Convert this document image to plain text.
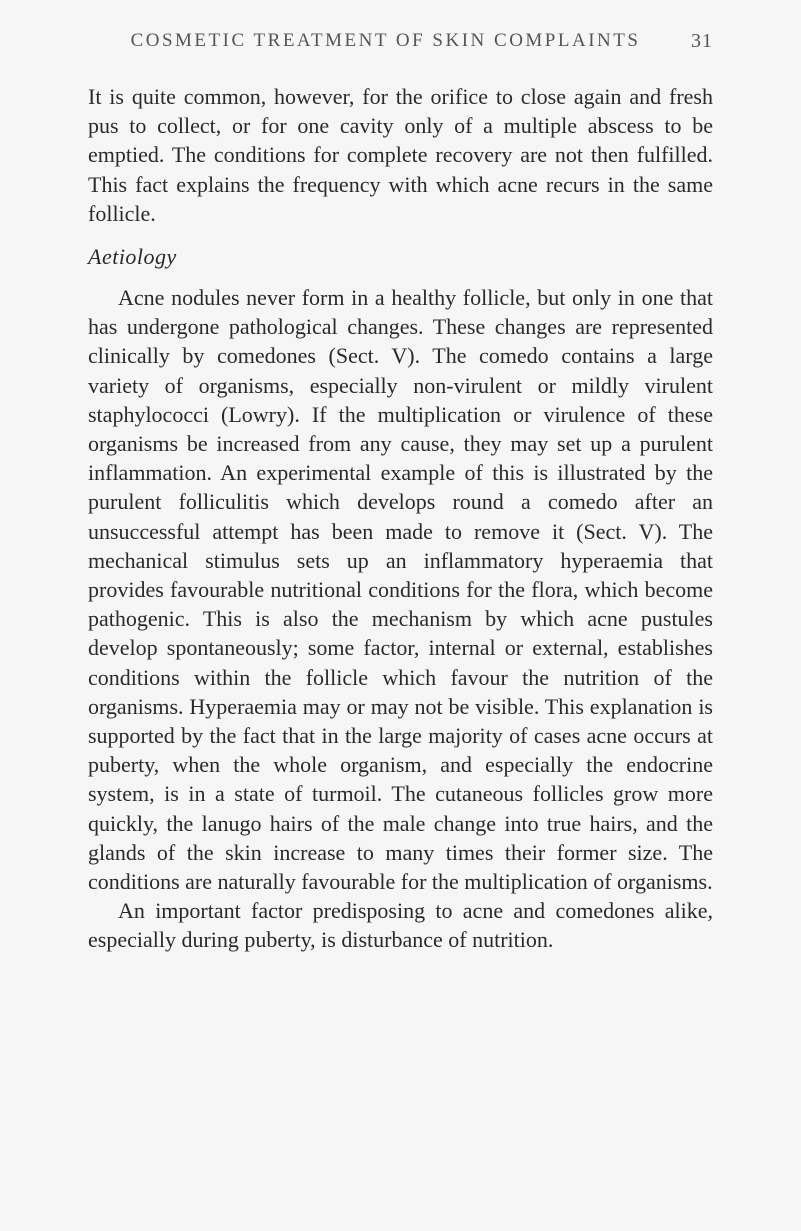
COSMETIC TREATMENT OF SKIN COMPLAINTS	31

It is quite common, however, for the orifice to close again and fresh pus to collect, or for one cavity only of a multiple abscess to be emptied. The conditions for complete recovery are not then fulfilled. This fact explains the frequency with which acne recurs in the same follicle.

Aetiology

Acne nodules never form in a healthy follicle, but only in one that has undergone pathological changes. These changes are represented clinically by comedones (Sect. V). The comedo contains a large variety of organisms, especially non-virulent or mildly virulent staphylococci (Lowry). If the multiplication or virulence of these organisms be increased from any cause, they may set up a purulent inflammation. An experimental example of this is illustrated by the purulent folliculitis which develops round a comedo after an unsuccessful attempt has been made to remove it (Sect. V). The mechanical stimulus sets up an inflammatory hyperaemia that provides favourable nutritional conditions for the flora, which become pathogenic. This is also the mechanism by which acne pustules develop spontaneously; some factor, internal or external, establishes conditions within the follicle which favour the nutrition of the organisms. Hyperaemia may or may not be visible. This explanation is supported by the fact that in the large majority of cases acne occurs at puberty, when the whole organism, and especially the endocrine system, is in a state of turmoil. The cutaneous follicles grow more quickly, the lanugo hairs of the male change into true hairs, and the glands of the skin increase to many times their former size. The conditions are naturally favourable for the multiplication of organisms.

An important factor predisposing to acne and comedones alike, especially during puberty, is disturbance of nutrition.
